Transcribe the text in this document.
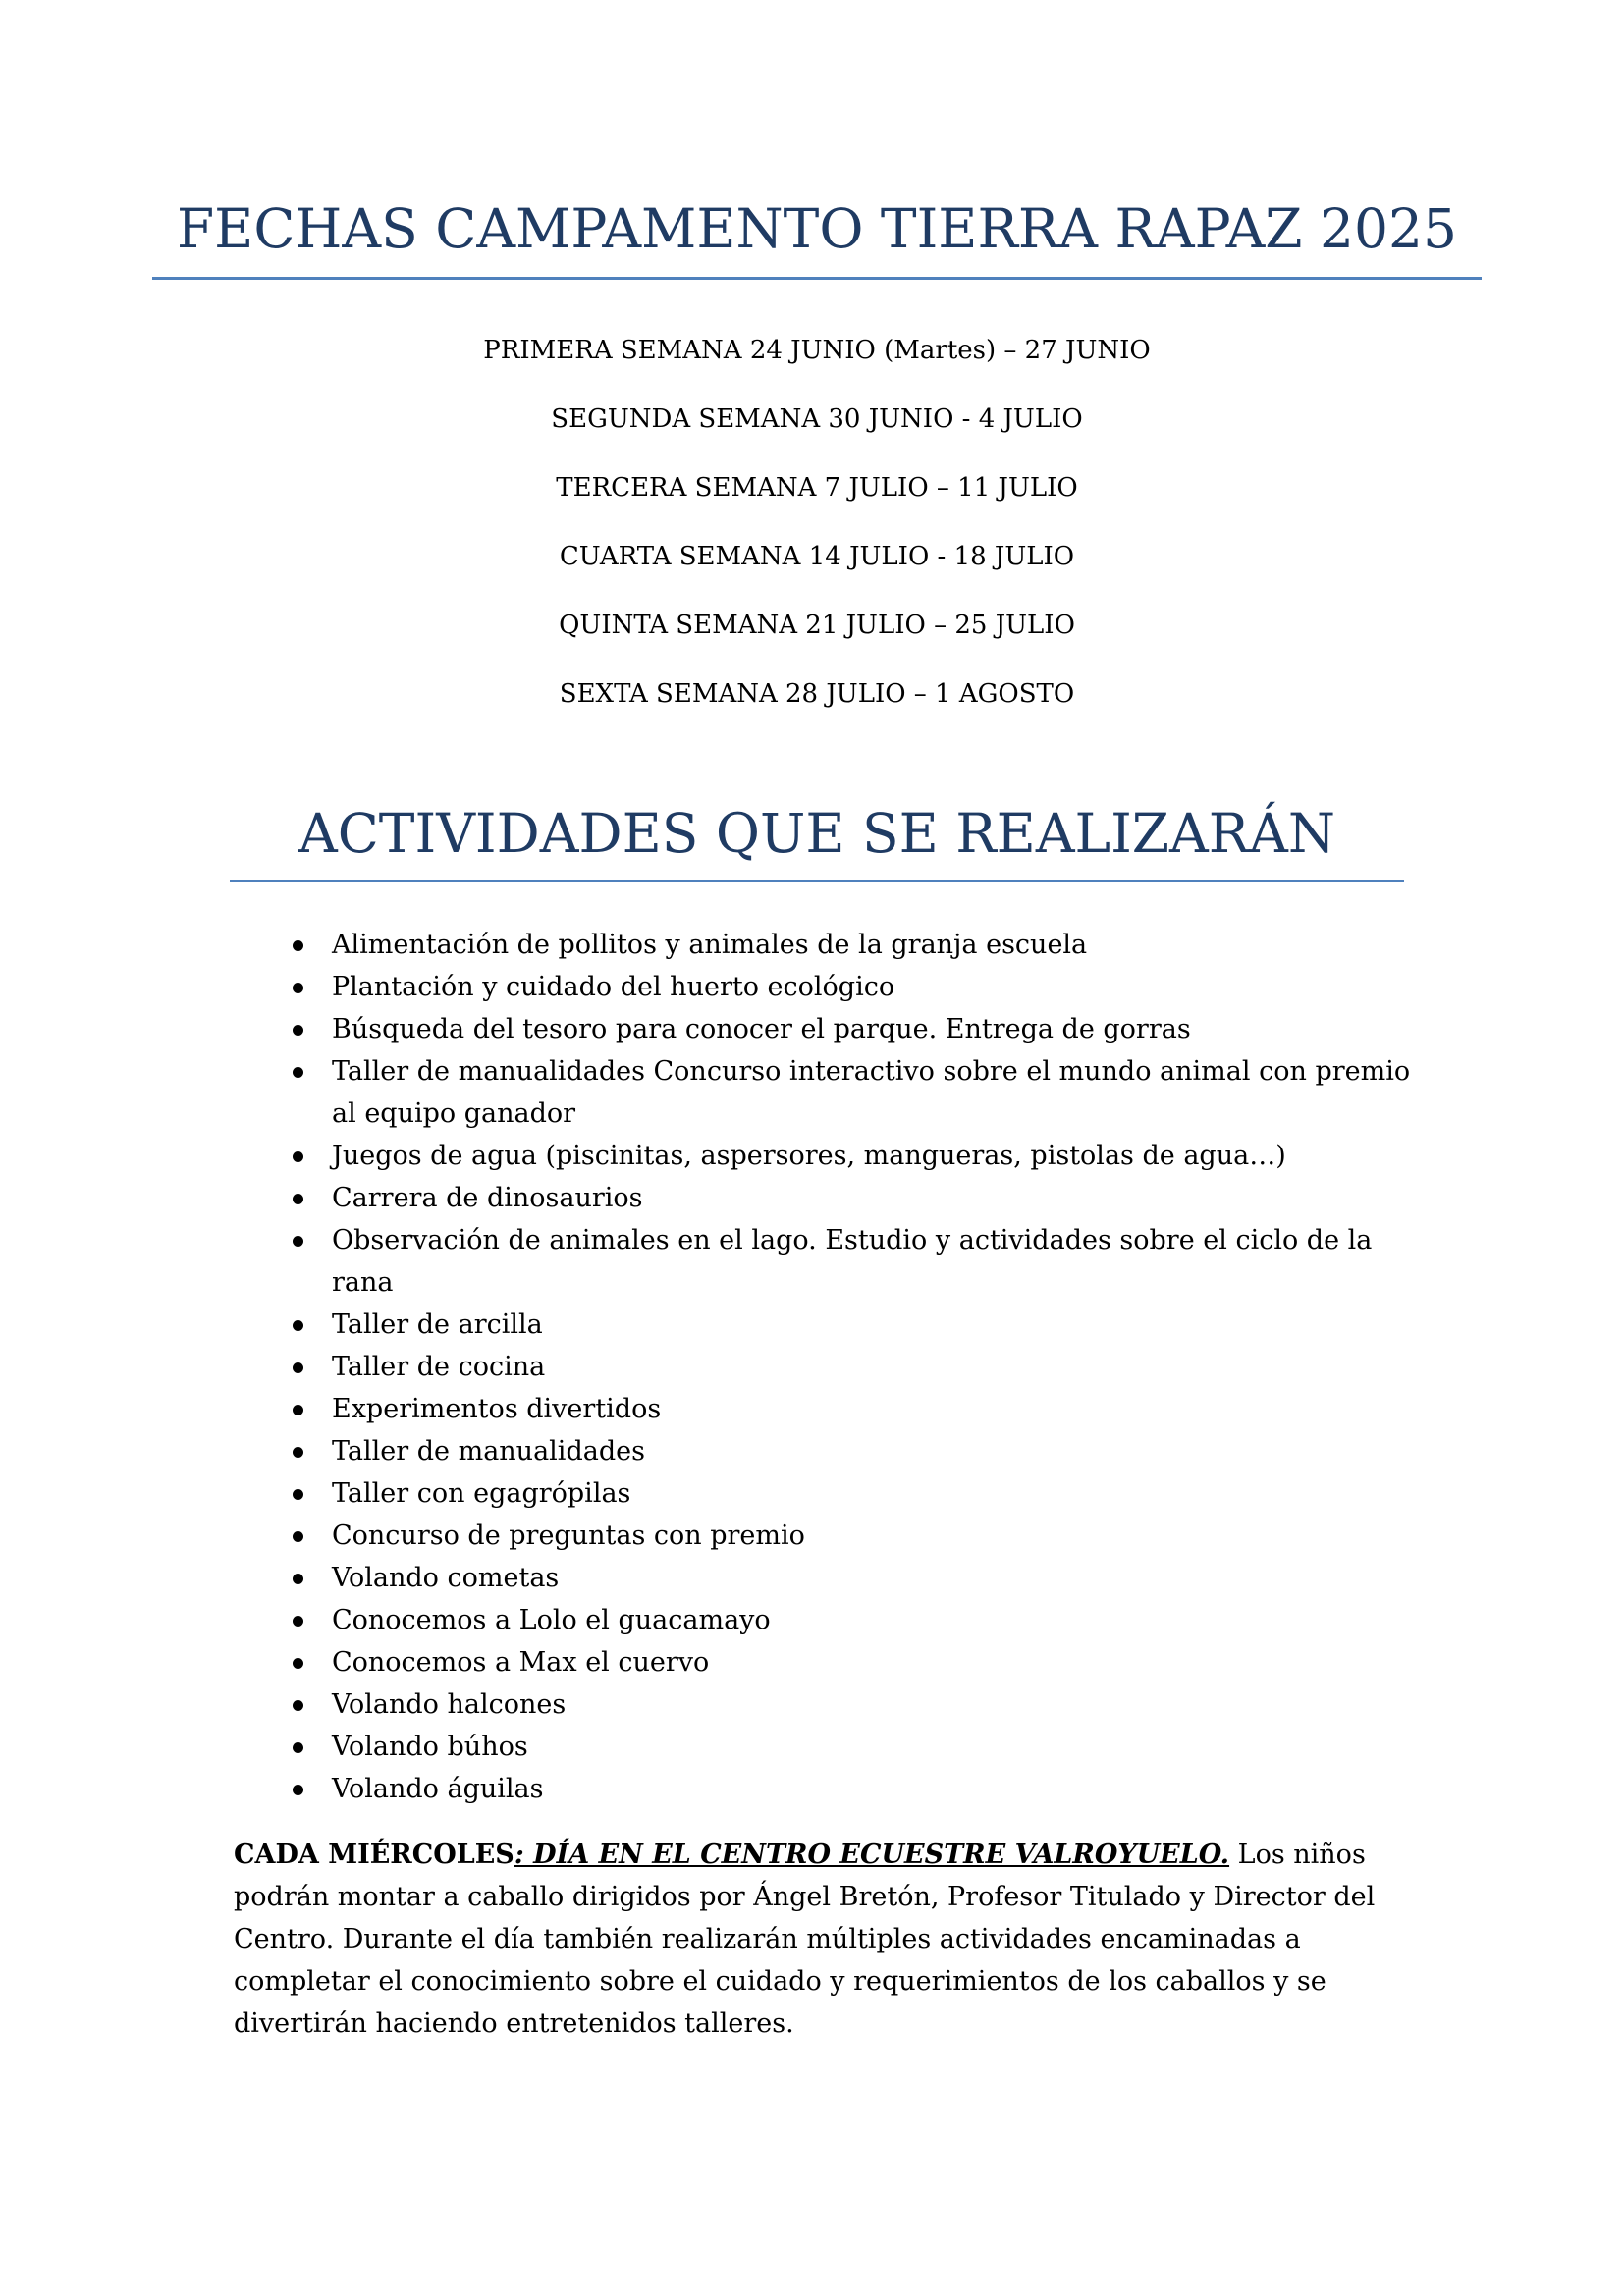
FECHAS CAMPAMENTO TIERRA RAPAZ 2025
PRIMERA SEMANA 24 JUNIO (Martes) – 27 JUNIO
SEGUNDA SEMANA 30 JUNIO - 4 JULIO
TERCERA SEMANA 7 JULIO – 11 JULIO
CUARTA SEMANA 14 JULIO - 18 JULIO
QUINTA SEMANA 21 JULIO – 25 JULIO
SEXTA SEMANA 28 JULIO – 1 AGOSTO
ACTIVIDADES QUE SE REALIZARÁN
Alimentación de pollitos y animales de la granja escuela
Plantación y cuidado del huerto ecológico
Búsqueda del tesoro para conocer el parque. Entrega de gorras
Taller de manualidades Concurso interactivo sobre el mundo animal con premio al equipo ganador
Juegos de agua (piscinitas, aspersores, mangueras, pistolas de agua…)
Carrera de dinosaurios
Observación de animales en el lago. Estudio y actividades sobre el ciclo de la rana
Taller de arcilla
Taller de cocina
Experimentos divertidos
Taller de manualidades
Taller con egagrópilas
Concurso de preguntas con premio
Volando cometas
Conocemos a Lolo el guacamayo
Conocemos a Max el cuervo
Volando halcones
Volando búhos
Volando águilas

CADA MIÉRCOLES: DÍA EN EL CENTRO ECUESTRE VALROYUELO. Los niños podrán montar a caballo dirigidos por Ángel Bretón, Profesor Titulado y Director del Centro. Durante el día también realizarán múltiples actividades encaminadas a completar el conocimiento sobre el cuidado y requerimientos de los caballos y se divertirán haciendo entretenidos talleres.
